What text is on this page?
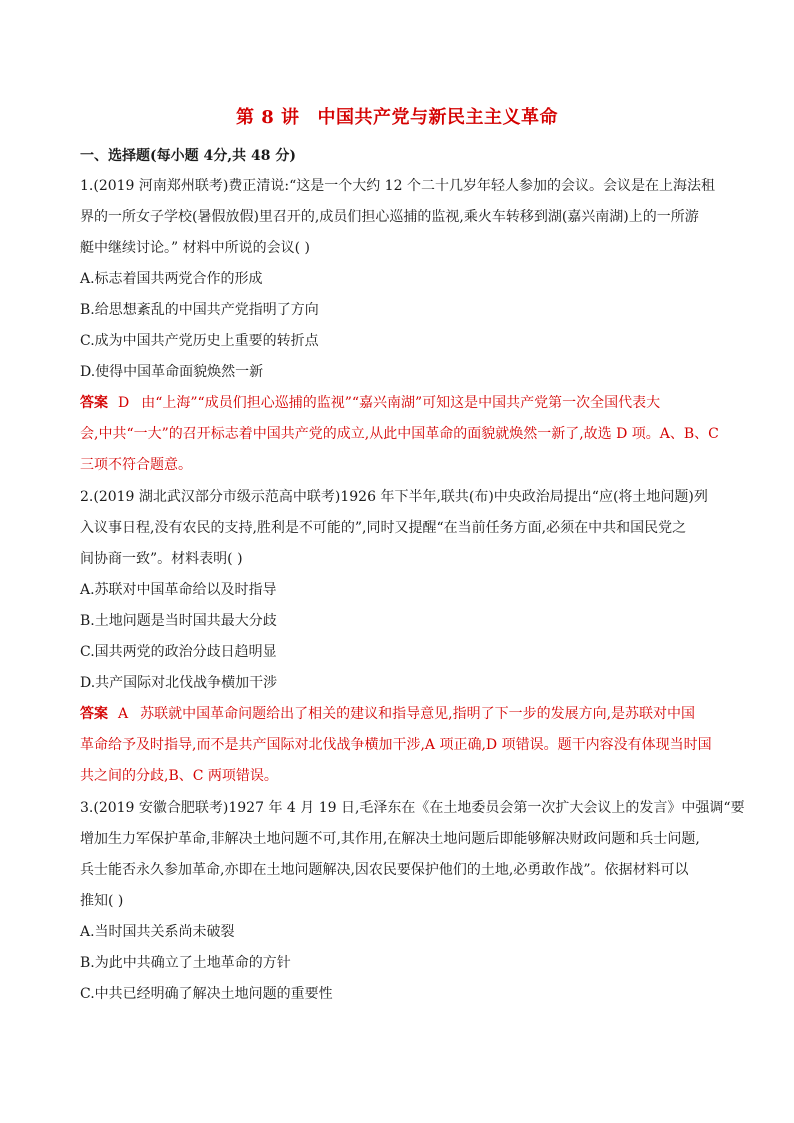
第 8 讲 中国共产党与新民主主义革命
一、选择题(每小题 4分,共 48 分)
1.(2019 河南郑州联考)费正清说:“这是一个大约 12 个二十几岁年轻人参加的会议。会议是在上海法租
界的一所女子学校(暑假放假)里召开的,成员们担心巡捕的监视,乘火车转移到湖(嘉兴南湖)上的一所游
艇中继续讨论。” 材料中所说的会议( )
A.标志着国共两党合作的形成
B.给思想紊乱的中国共产党指明了方向
C.成为中国共产党历史上重要的转折点
D.使得中国革命面貌焕然一新
答案 D 由“上海”“成员们担心巡捕的监视”“嘉兴南湖”可知这是中国共产党第一次全国代表大
会,中共“一大”的召开标志着中国共产党的成立,从此中国革命的面貌就焕然一新了,故选 D 项。A、B、C
三项不符合题意。
2.(2019 湖北武汉部分市级示范高中联考)1926 年下半年,联共(布)中央政治局提出“应(将土地问题)列
入议事日程,没有农民的支持,胜利是不可能的”,同时又提醒“在当前任务方面,必须在中共和国民党之
间协商一致”。材料表明( )
A.苏联对中国革命给以及时指导
B.土地问题是当时国共最大分歧
C.国共两党的政治分歧日趋明显
D.共产国际对北伐战争横加干涉
答案 A 苏联就中国革命问题给出了相关的建议和指导意见,指明了下一步的发展方向,是苏联对中国
革命给予及时指导,而不是共产国际对北伐战争横加干涉,A 项正确,D 项错误。题干内容没有体现当时国
共之间的分歧,B、C 两项错误。
3.(2019 安徽合肥联考)1927 年 4 月 19 日,毛泽东在《在土地委员会第一次扩大会议上的发言》中强调“要
增加生力军保护革命,非解决土地问题不可,其作用,在解决土地问题后即能够解决财政问题和兵士问题,
兵士能否永久参加革命,亦即在土地问题解决,因农民要保护他们的土地,必勇敢作战”。依据材料可以
推知( )
A.当时国共关系尚未破裂
B.为此中共确立了土地革命的方针
C.中共已经明确了解决土地问题的重要性
